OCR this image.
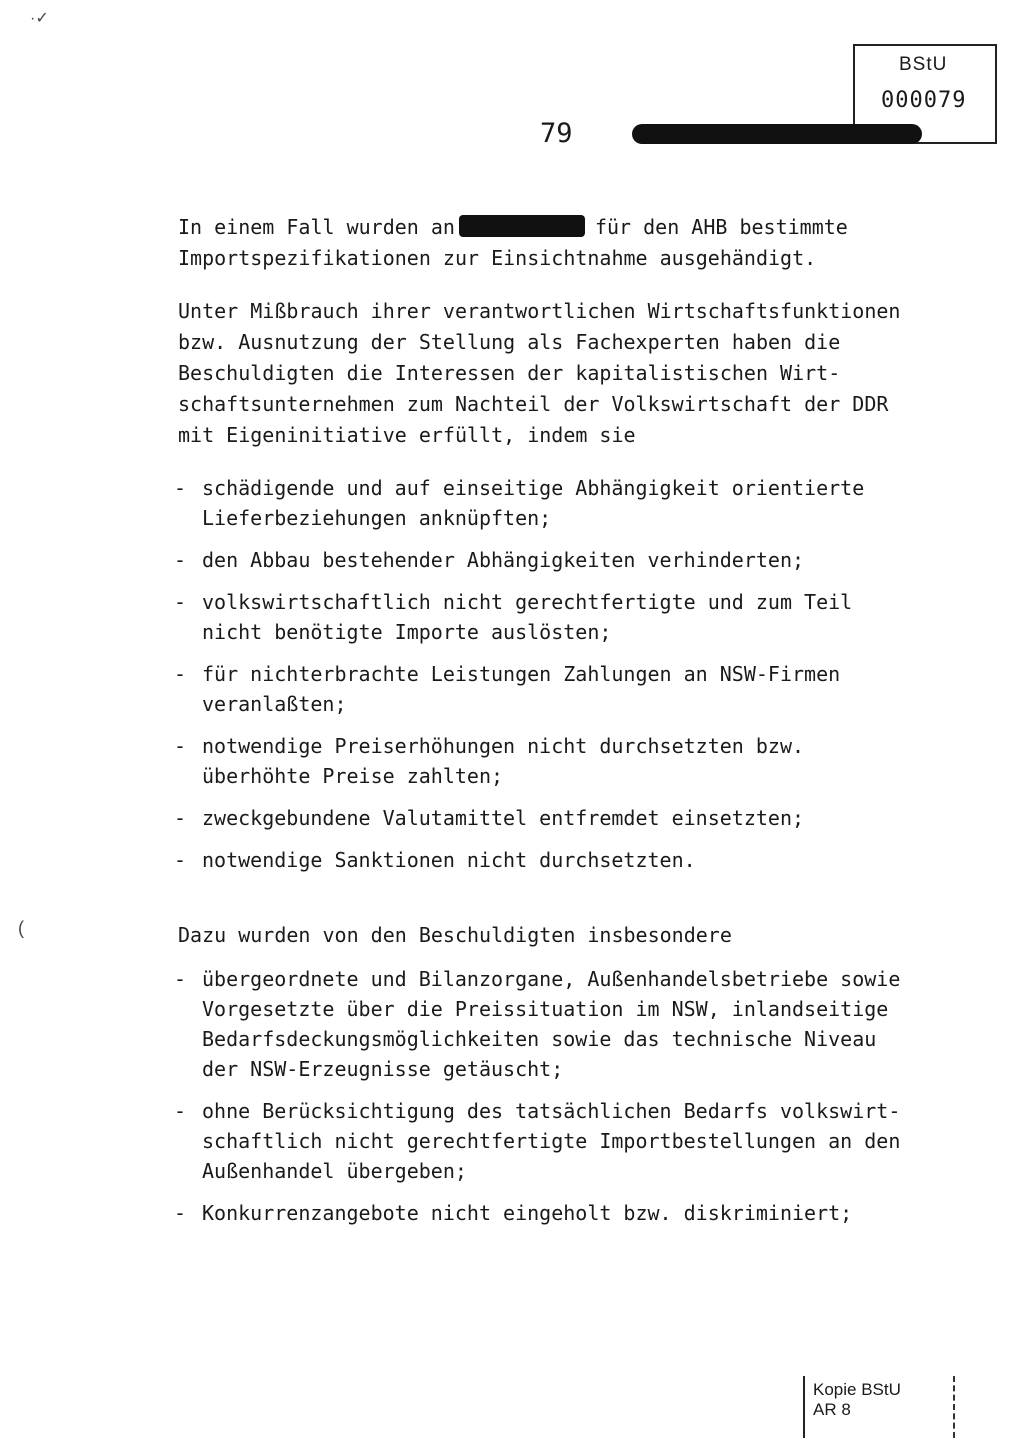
·✓
BStU
000079
79
In einem Fall wurden an	für den AHB bestimmte
Importspezifikationen zur Einsichtnahme ausgehändigt.
Unter Mißbrauch ihrer verantwortlichen Wirtschaftsfunktionen
bzw. Ausnutzung der Stellung als Fachexperten haben die
Beschuldigten die Interessen der kapitalistischen Wirt-
schaftsunternehmen zum Nachteil der Volkswirtschaft der DDR
mit Eigeninitiative erfüllt, indem sie
- schädigende und auf einseitige Abhängigkeit orientierte
Lieferbeziehungen anknüpften;
- den Abbau bestehender Abhängigkeiten verhinderten;
- volkswirtschaftlich nicht gerechtfertigte und zum Teil
nicht benötigte Importe auslösten;
- für nichterbrachte Leistungen Zahlungen an NSW-Firmen
veranlaßten;
- notwendige Preiserhöhungen nicht durchsetzten bzw.
überhöhte Preise zahlten;
- zweckgebundene Valutamittel entfremdet einsetzten;
- notwendige Sanktionen nicht durchsetzten.
Dazu wurden von den Beschuldigten insbesondere
- übergeordnete und Bilanzorgane, Außenhandelsbetriebe sowie
Vorgesetzte über die Preissituation im NSW, inlandseitige
Bedarfsdeckungsmöglichkeiten sowie das technische Niveau
der NSW-Erzeugnisse getäuscht;
- ohne Berücksichtigung des tatsächlichen Bedarfs volkswirt-
schaftlich nicht gerechtfertigte Importbestellungen an den
Außenhandel übergeben;
- Konkurrenzangebote nicht eingeholt bzw. diskriminiert;
(
Kopie BStU
AR 8
